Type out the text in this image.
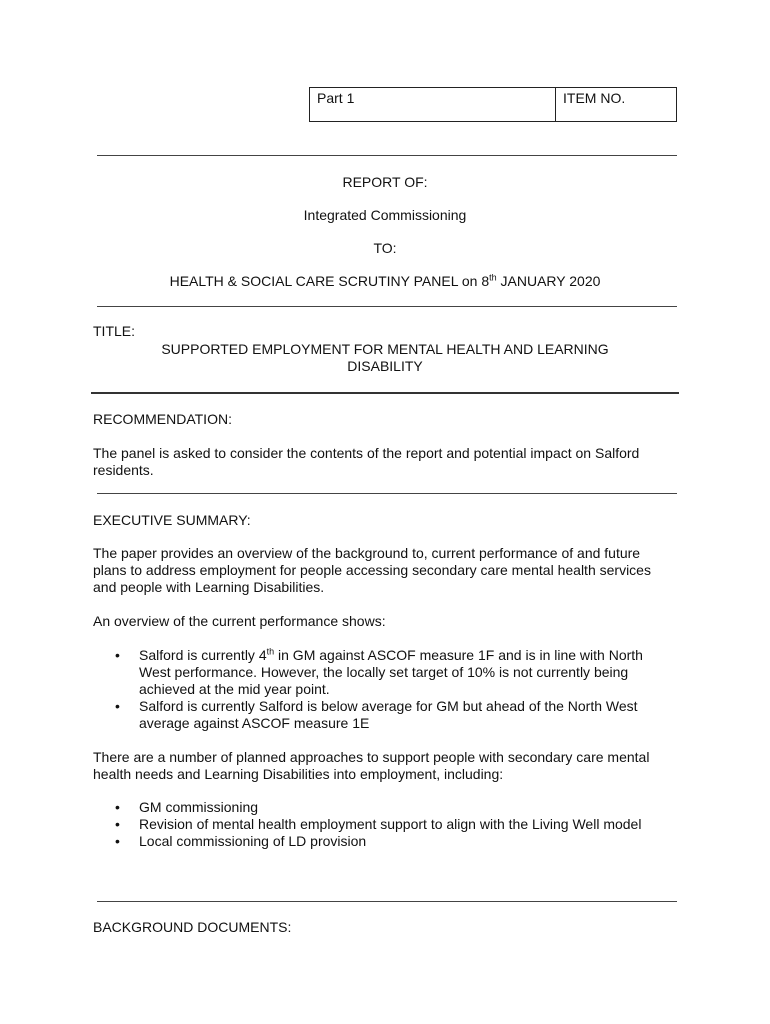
Part 1	ITEM NO.
REPORT OF:
Integrated Commissioning
TO:
HEALTH & SOCIAL CARE SCRUTINY PANEL on 8th JANUARY 2020
TITLE:
SUPPORTED EMPLOYMENT FOR MENTAL HEALTH AND LEARNING
DISABILITY
RECOMMENDATION:
The panel is asked to consider the contents of the report and potential impact on Salford residents.
EXECUTIVE SUMMARY:
The paper provides an overview of the background to, current performance of and future plans to address employment for people accessing secondary care mental health services and people with Learning Disabilities.
An overview of the current performance shows:
• Salford is currently 4th in GM against ASCOF measure 1F and is in line with North West performance. However, the locally set target of 10% is not currently being achieved at the mid year point.
• Salford is currently Salford is below average for GM but ahead of the North West average against ASCOF measure 1E
There are a number of planned approaches to support people with secondary care mental health needs and Learning Disabilities into employment, including:
• GM commissioning
• Revision of mental health employment support to align with the Living Well model
• Local commissioning of LD provision
BACKGROUND DOCUMENTS:
